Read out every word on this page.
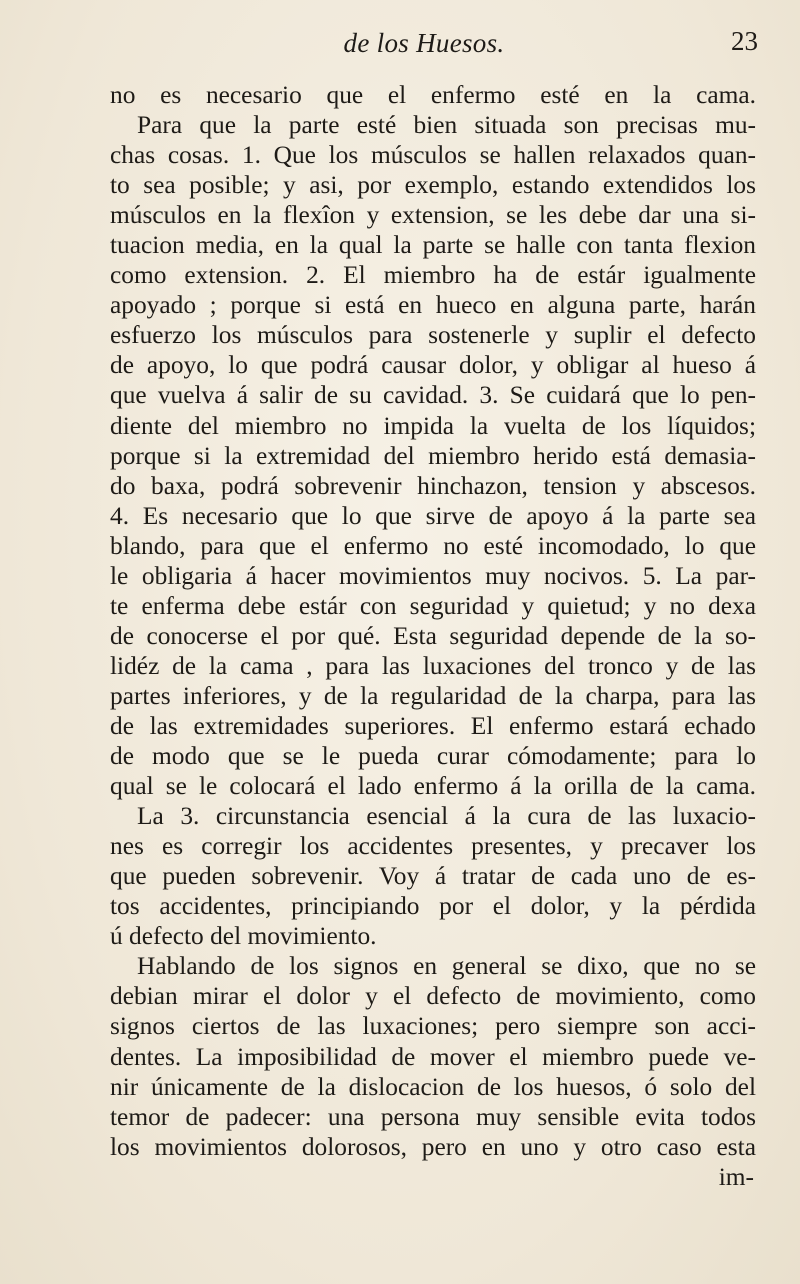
de los Huesos.	23
no es necesario que el enfermo esté en la cama.
Para que la parte esté bien situada son precisas mu-
chas cosas. 1. Que los músculos se hallen relaxados quan-
to sea posible; y asi, por exemplo, estando extendidos los
músculos en la flexîon y extension, se les debe dar una si-
tuacion media, en la qual la parte se halle con tanta flexion
como extension. 2. El miembro ha de estár igualmente
apoyado ; porque si está en hueco en alguna parte, harán
esfuerzo los músculos para sostenerle y suplir el defecto
de apoyo, lo que podrá causar dolor, y obligar al hueso á
que vuelva á salir de su cavidad. 3. Se cuidará que lo pen-
diente del miembro no impida la vuelta de los líquidos;
porque si la extremidad del miembro herido está demasia-
do baxa, podrá sobrevenir hinchazon, tension y abscesos.
4. Es necesario que lo que sirve de apoyo á la parte sea
blando, para que el enfermo no esté incomodado, lo que
le obligaria á hacer movimientos muy nocivos. 5. La par-
te enferma debe estár con seguridad y quietud; y no dexa
de conocerse el por qué. Esta seguridad depende de la so-
lidéz de la cama , para las luxaciones del tronco y de las
partes inferiores, y de la regularidad de la charpa, para las
de las extremidades superiores. El enfermo estará echado
de modo que se le pueda curar cómodamente; para lo
qual se le colocará el lado enfermo á la orilla de la cama.
La 3. circunstancia esencial á la cura de las luxacio-
nes es corregir los accidentes presentes, y precaver los
que pueden sobrevenir. Voy á tratar de cada uno de es-
tos accidentes, principiando por el dolor, y la pérdida
ú defecto del movimiento.
Hablando de los signos en general se dixo, que no se
debian mirar el dolor y el defecto de movimiento, como
signos ciertos de las luxaciones; pero siempre son acci-
dentes. La imposibilidad de mover el miembro puede ve-
nir únicamente de la dislocacion de los huesos, ó solo del
temor de padecer: una persona muy sensible evita todos
los movimientos dolorosos, pero en uno y otro caso esta
im-
